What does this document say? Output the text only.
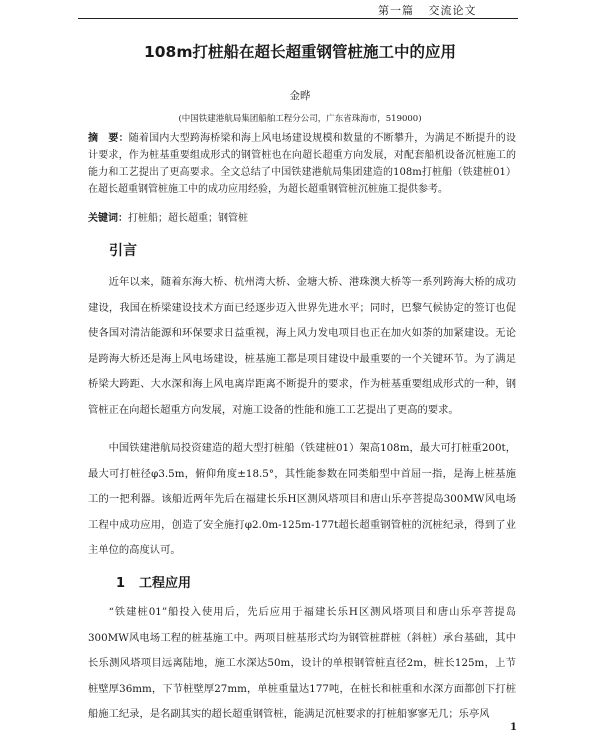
第一篇 交流论文
108m打桩船在超长超重钢管桩施工中的应用
金晔
(中国铁建港航局集团船舶工程分公司，广东省珠海市，519000)
摘　要：随着国内大型跨海桥梁和海上风电场建设规模和数量的不断攀升，为满足不断提升的设计要求，作为桩基重要组成形式的钢管桩也在向超长超重方向发展，对配套船机设备沉桩施工的能力和工艺提出了更高要求。全文总结了中国铁建港航局集团建造的108m打桩船（铁建桩01）在超长超重钢管桩施工中的成功应用经验，为超长超重钢管桩沉桩施工提供参考。
关键词：打桩船；超长超重；钢管桩
引言

近年以来，随着东海大桥、杭州湾大桥、金塘大桥、港珠澳大桥等一系列跨海大桥的成功建设，我国在桥梁建设技术方面已经逐步迈入世界先进水平；同时，巴黎气候协定的签订也促使各国对清洁能源和环保要求日益重视，海上风力发电项目也正在加火如荼的加紧建设。无论是跨海大桥还是海上风电场建设，桩基施工都是项目建设中最重要的一个关键环节。为了满足桥梁大跨距、大水深和海上风电离岸距离不断提升的要求，作为桩基重要组成形式的一种，钢管桩正在向超长超重方向发展，对施工设备的性能和施工工艺提出了更高的要求。

中国铁建港航局投资建造的超大型打桩船（铁建桩01）架高108m，最大可打桩重200t，最大可打桩径φ3.5m，俯仰角度±18.5°，其性能参数在同类船型中首屈一指，是海上桩基施工的一把利器。该船近两年先后在福建长乐H区测风塔项目和唐山乐亭菩提岛300MW风电场工程中成功应用，创造了安全施打φ2.0m-125m-177t超长超重钢管桩的沉桩纪录，得到了业主单位的高度认可。

1 工程应用

“铁建桩01”船投入使用后，先后应用于福建长乐H区测风塔项目和唐山乐亭菩提岛300MW风电场工程的桩基施工中。两项目桩基形式均为钢管桩群桩（斜桩）承台基础，其中长乐测风塔项目远离陆地，施工水深达50m，设计的单根钢管桩直径2m，桩长125m，上节桩壁厚36mm，下节桩壁厚27mm，单桩重量达177吨，在桩长和桩重和水深方面都创下打桩船施工纪录，是名副其实的超长超重钢管桩，能满足沉桩要求的打桩船寥寥无几；乐亭风

1
